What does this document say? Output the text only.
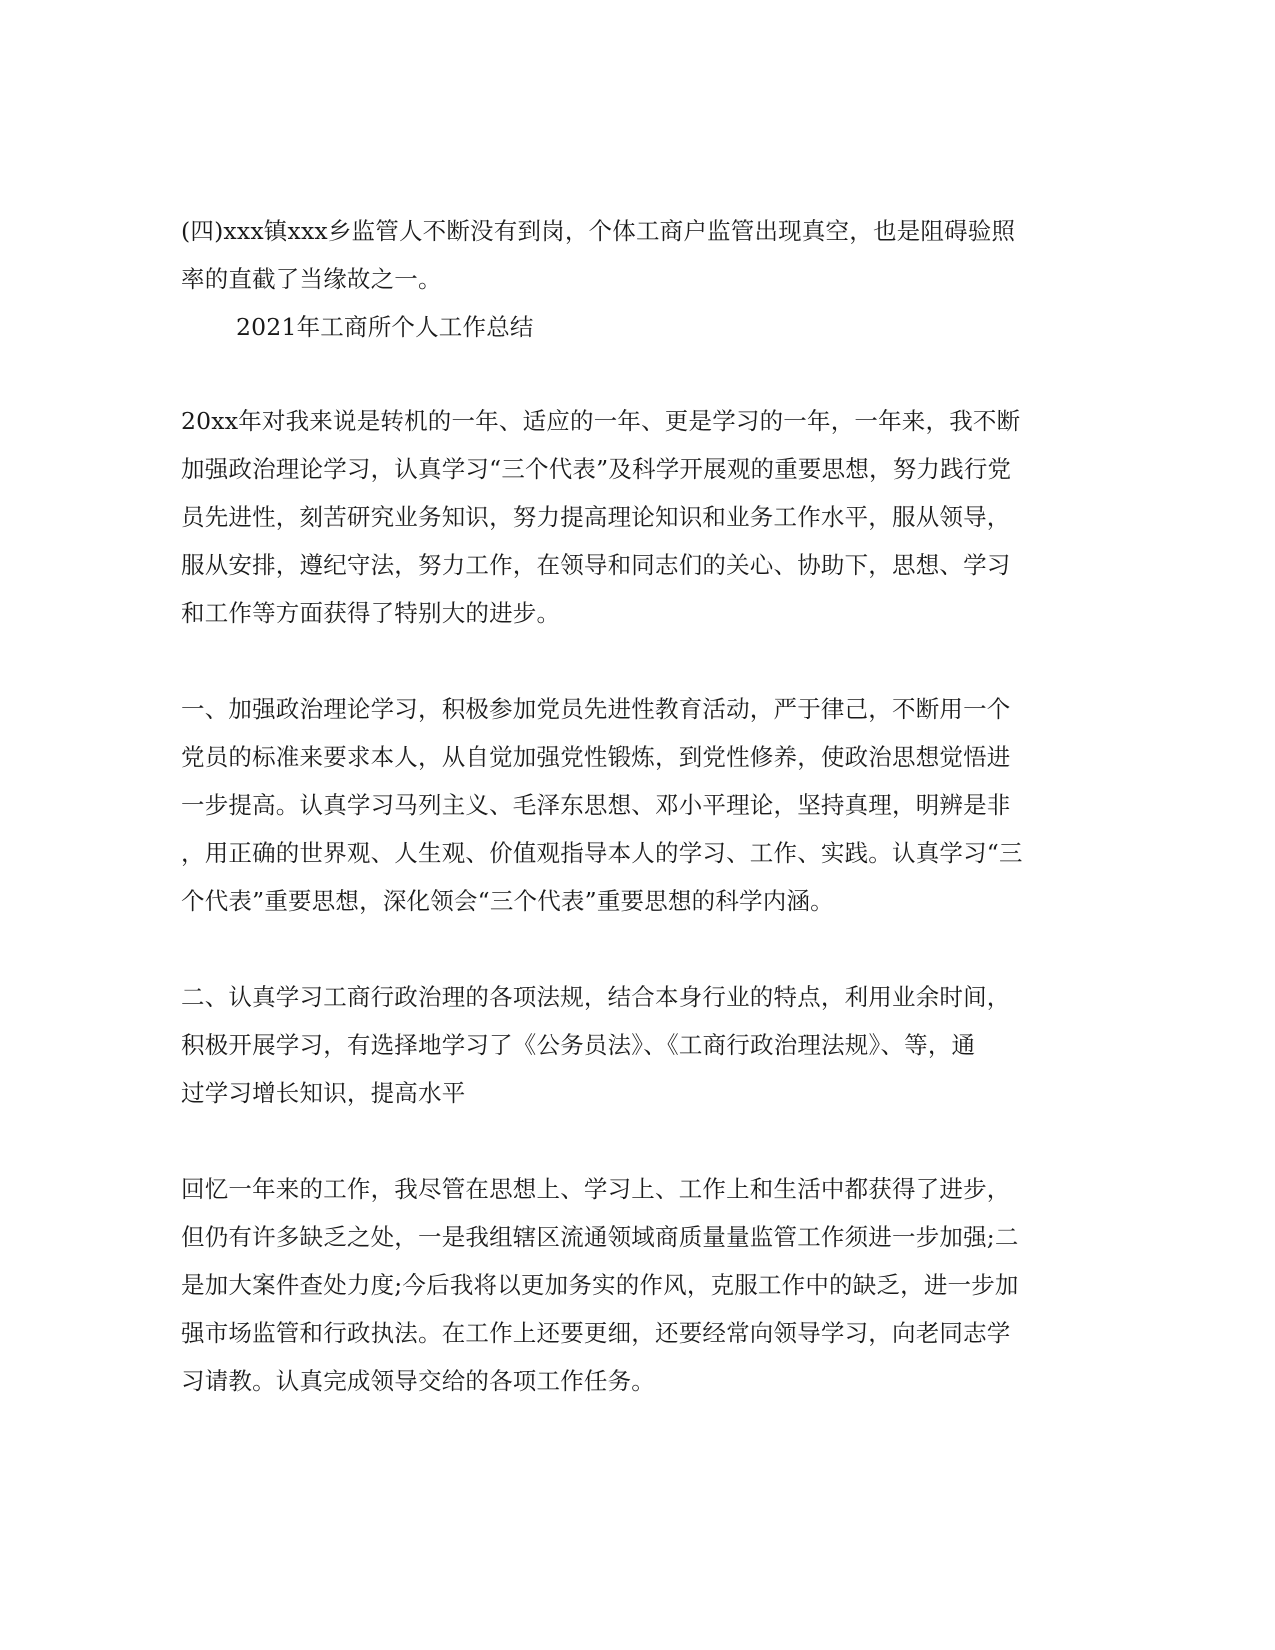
(四)xxx镇xxx乡监管人不断没有到岗，个体工商户监管出现真空，也是阻碍验照
率的直截了当缘故之一。

2021年工商所个人工作总结

20xx年对我来说是转机的一年、适应的一年、更是学习的一年，一年来，我不断
加强政治理论学习，认真学习“三个代表”及科学开展观的重要思想，努力践行党
员先进性，刻苦研究业务知识，努力提高理论知识和业务工作水平，服从领导，
服从安排，遵纪守法，努力工作，在领导和同志们的关心、协助下，思想、学习
和工作等方面获得了特别大的进步。

一、加强政治理论学习，积极参加党员先进性教育活动，严于律己，不断用一个
党员的标准来要求本人，从自觉加强党性锻炼，到党性修养，使政治思想觉悟进
一步提高。认真学习马列主义、毛泽东思想、邓小平理论，坚持真理，明辨是非
，用正确的世界观、人生观、价值观指导本人的学习、工作、实践。认真学习“三
个代表”重要思想，深化领会“三个代表”重要思想的科学内涵。

二、认真学习工商行政治理的各项法规，结合本身行业的特点，利用业余时间，
积极开展学习，有选择地学习了《公务员法》、《工商行政治理法规》、等，通
过学习增长知识，提高水平

回忆一年来的工作，我尽管在思想上、学习上、工作上和生活中都获得了进步，
但仍有许多缺乏之处，一是我组辖区流通领域商质量量监管工作须进一步加强;二
是加大案件查处力度;今后我将以更加务实的作风，克服工作中的缺乏，进一步加
强市场监管和行政执法。在工作上还要更细，还要经常向领导学习，向老同志学
习请教。认真完成领导交给的各项工作任务。
